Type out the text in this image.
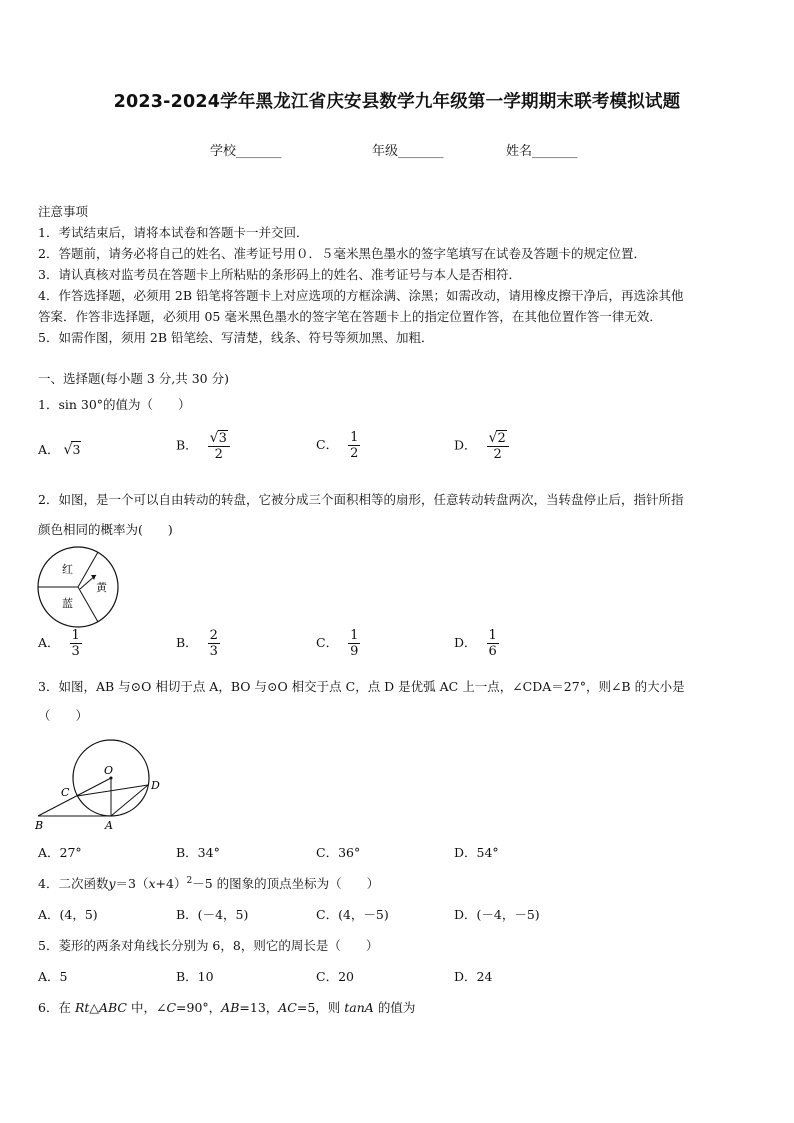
2023-2024学年黑龙江省庆安县数学九年级第一学期期末联考模拟试题
学校_______	年级_______	姓名_______
注意事项
1．考试结束后，请将本试卷和答题卡一并交回．
2．答题前，请务必将自己的姓名、准考证号用０．５毫米黑色墨水的签字笔填写在试卷及答题卡的规定位置．
3．请认真核对监考员在答题卡上所粘贴的条形码上的姓名、准考证号与本人是否相符．
4．作答选择题，必须用 2B 铅笔将答题卡上对应选项的方框涂满、涂黑；如需改动，请用橡皮擦干净后，再选涂其他
答案．作答非选择题，必须用 05 毫米黑色墨水的签字笔在答题卡上的指定位置作答，在其他位置作答一律无效．
5．如需作图，须用 2B 铅笔绘、写清楚，线条、符号等须加黑、加粗．
一、选择题(每小题 3 分,共 30 分)
1．sin 30°的值为（　　）
A． √3	B． $\frac{√3}{2}$	C． $\frac{1}{2}$	D． $\frac{√2}{2}$
2．如图，是一个可以自由转动的转盘，它被分成三个面积相等的扇形，任意转动转盘两次，当转盘停止后，指针所指
颜色相同的概率为(　　)
红
黄
蓝
A． $\frac{1}{3}$	B． $\frac{2}{3}$	C． $\frac{1}{9}$	D． $\frac{1}{6}$
3．如图，AB 与⊙O 相切于点 A，BO 与⊙O 相交于点 C，点 D 是优弧 AC 上一点，∠CDA＝27°，则∠B 的大小是
（　　）
O
C
D
B	A
A．27°	B．34°	C．36°	D．54°
4．二次函数$y=3(x+4)^2-5$ 的图象的顶点坐标为（　　）
A．(4，5)	B．(－4，5)	C．(4，－5)	D．(－4，－5)
5．菱形的两条对角线长分别为 6，8，则它的周长是（　　）
A．5	B．10	C．20	D．24
6．在 Rt△ABC 中，∠C=90°，AB=13，AC=5，则 tanA 的值为
